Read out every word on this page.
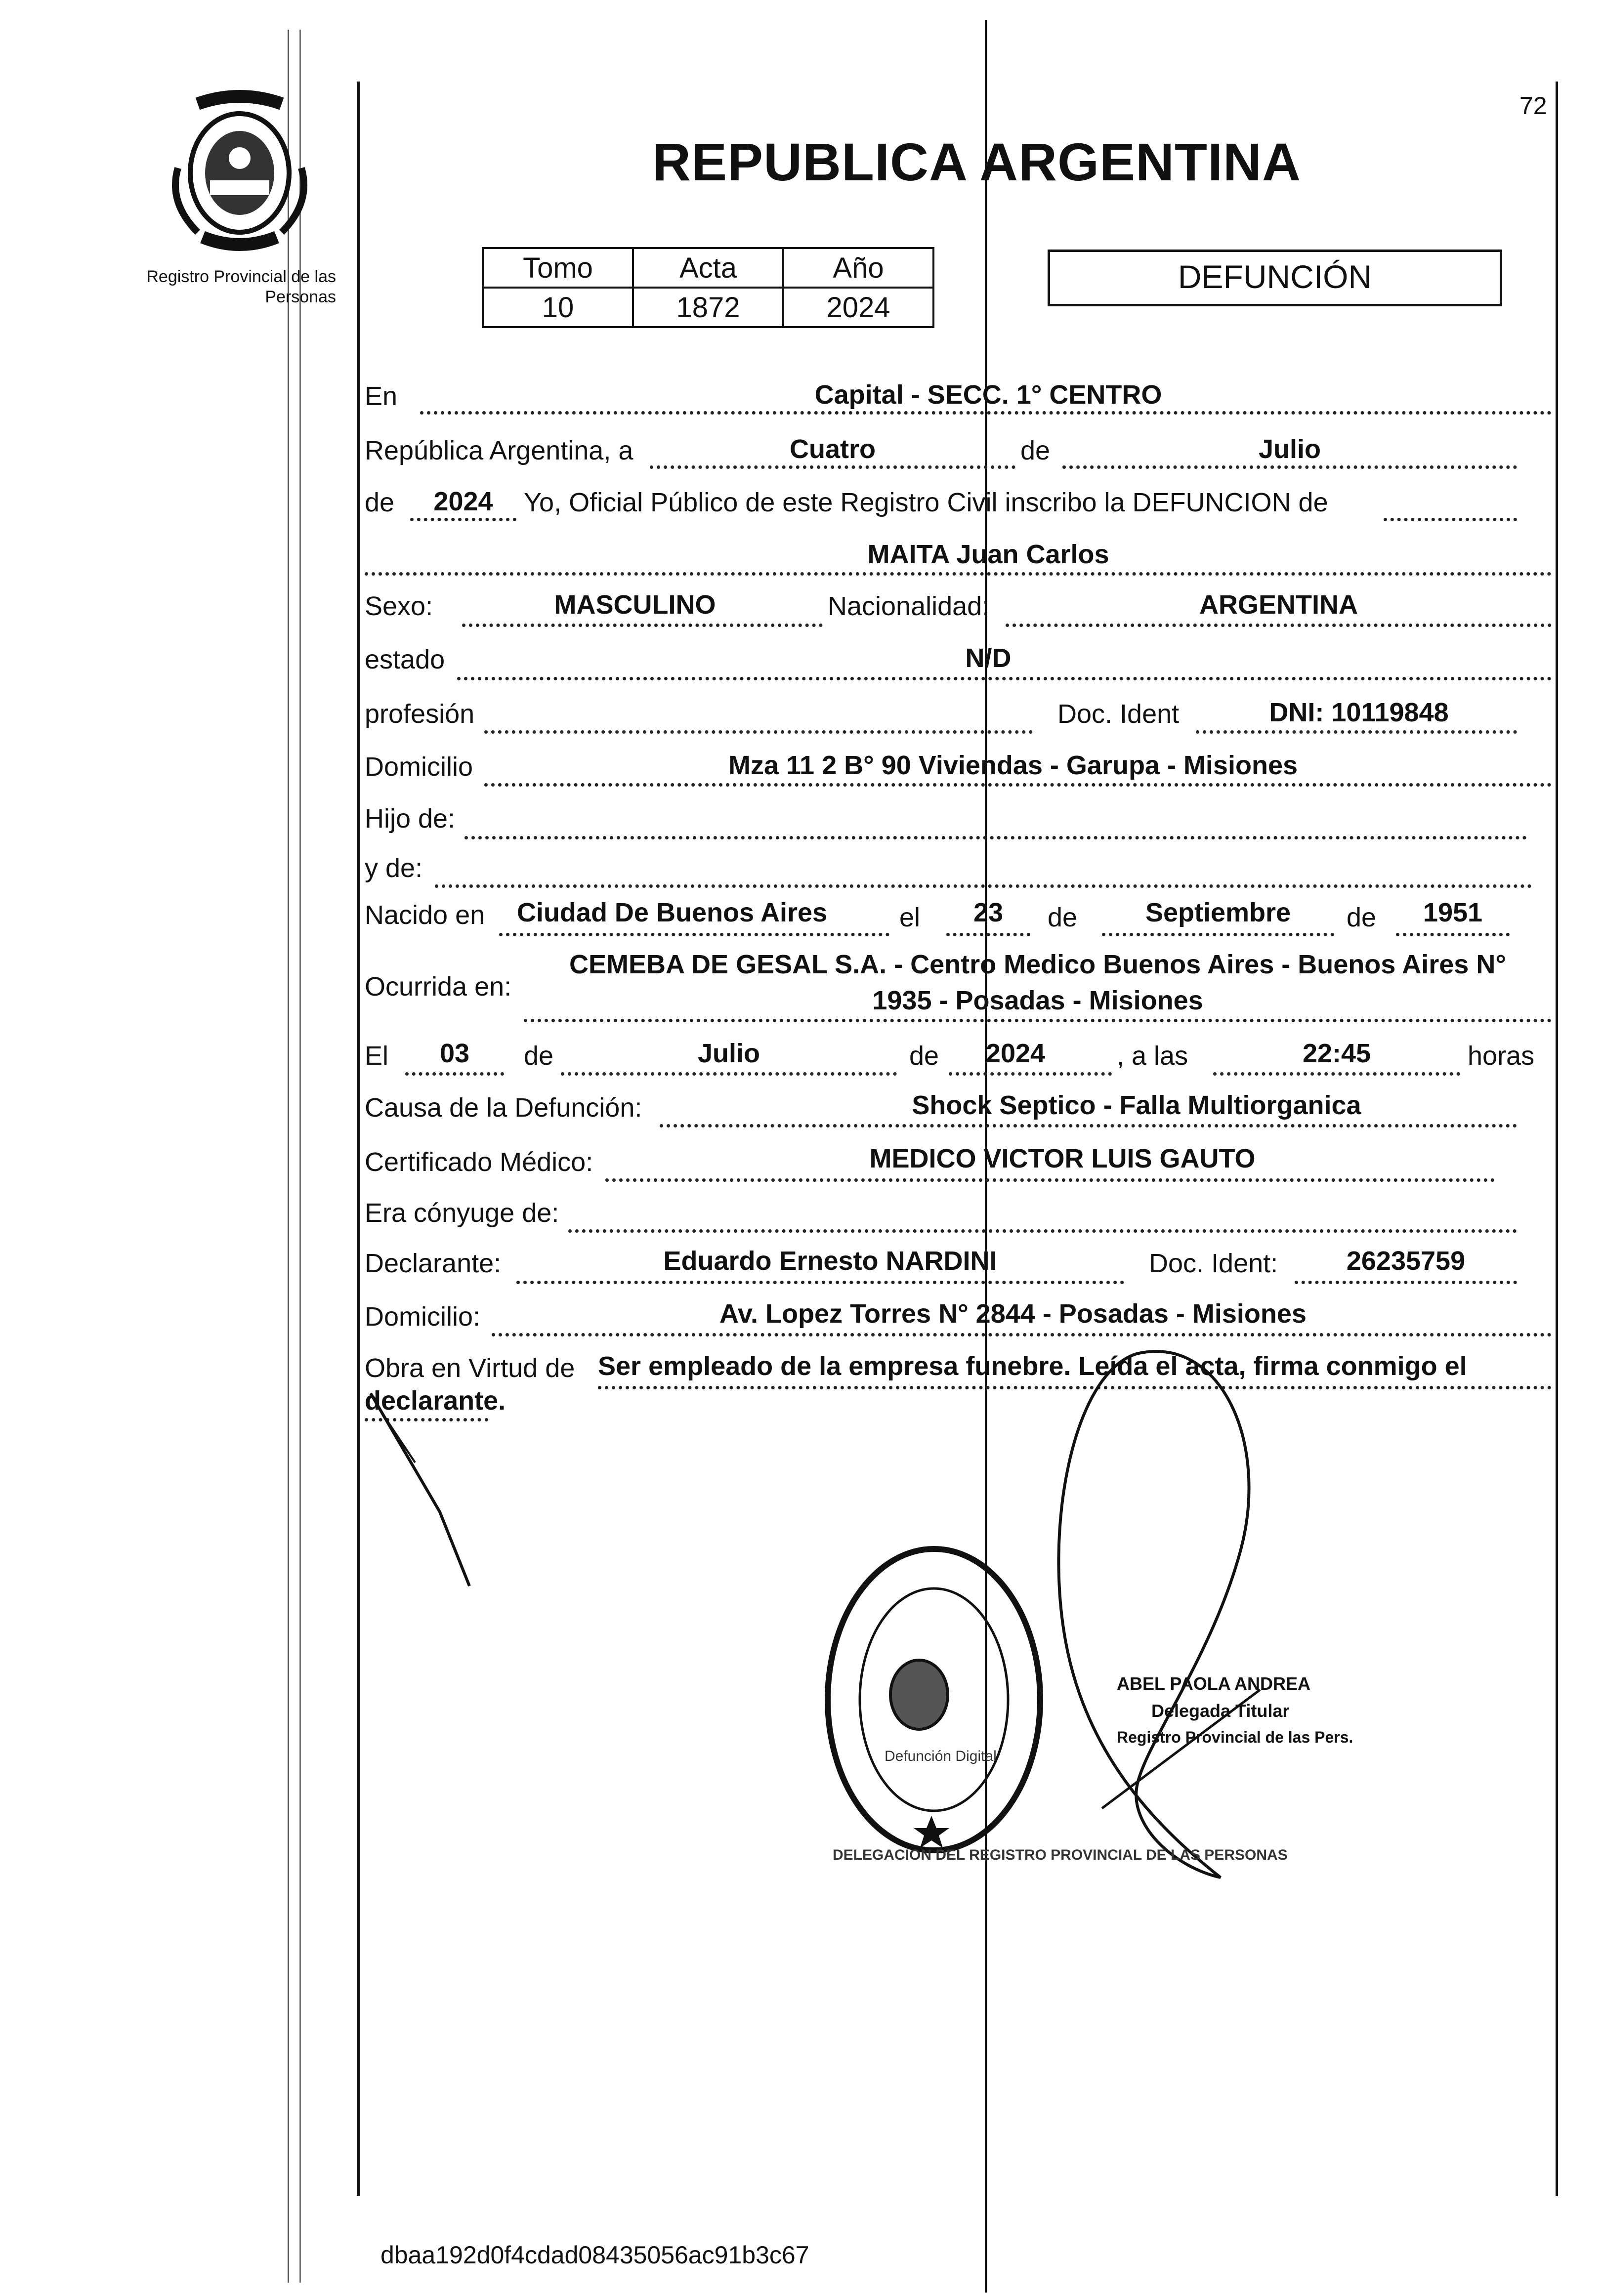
72
Registro Provincial de las Personas
REPUBLICA ARGENTINA
Tomo	Acta	Año
10	1872	2024
DEFUNCIÓN
En	Capital - SECC. 1° CENTRO
República Argentina, a	Cuatro	de	Julio
de	2024	Yo, Oficial Público de este Registro Civil inscribo la DEFUNCION de
MAITA Juan Carlos
Sexo:	MASCULINO	Nacionalidad:	ARGENTINA
estado	N/D
profesión	Doc. Ident	DNI: 10119848
Domicilio	Mza 11 2 B° 90 Viviendas - Garupa - Misiones
Hijo de:
y de:
Nacido en	Ciudad De Buenos Aires	el	23	de	Septiembre	de	1951
Ocurrida en:
CEMEBA DE GESAL S.A. - Centro Medico Buenos Aires - Buenos Aires N°
1935 - Posadas - Misiones
El	03	de	Julio	de	2024	, a las	22:45	horas
Causa de la Defunción:	Shock Septico - Falla Multiorganica
Certificado Médico:	MEDICO VICTOR LUIS GAUTO
Era cónyuge de:
Declarante:	Eduardo Ernesto NARDINI	Doc. Ident:	26235759
Domicilio:	Av. Lopez Torres N° 2844 - Posadas - Misiones
Obra en Virtud de Ser empleado de la empresa funebre. Leída el acta, firma conmigo el
declarante.
DELEGACION DEL REGISTRO PROVINCIAL DE LAS PERSONAS
Defunción Digital
ABEL PAOLA ANDREA
Delegada Titular
Registro Provincial de las Pers.
dbaa192d0f4cdad08435056ac91b3c67
